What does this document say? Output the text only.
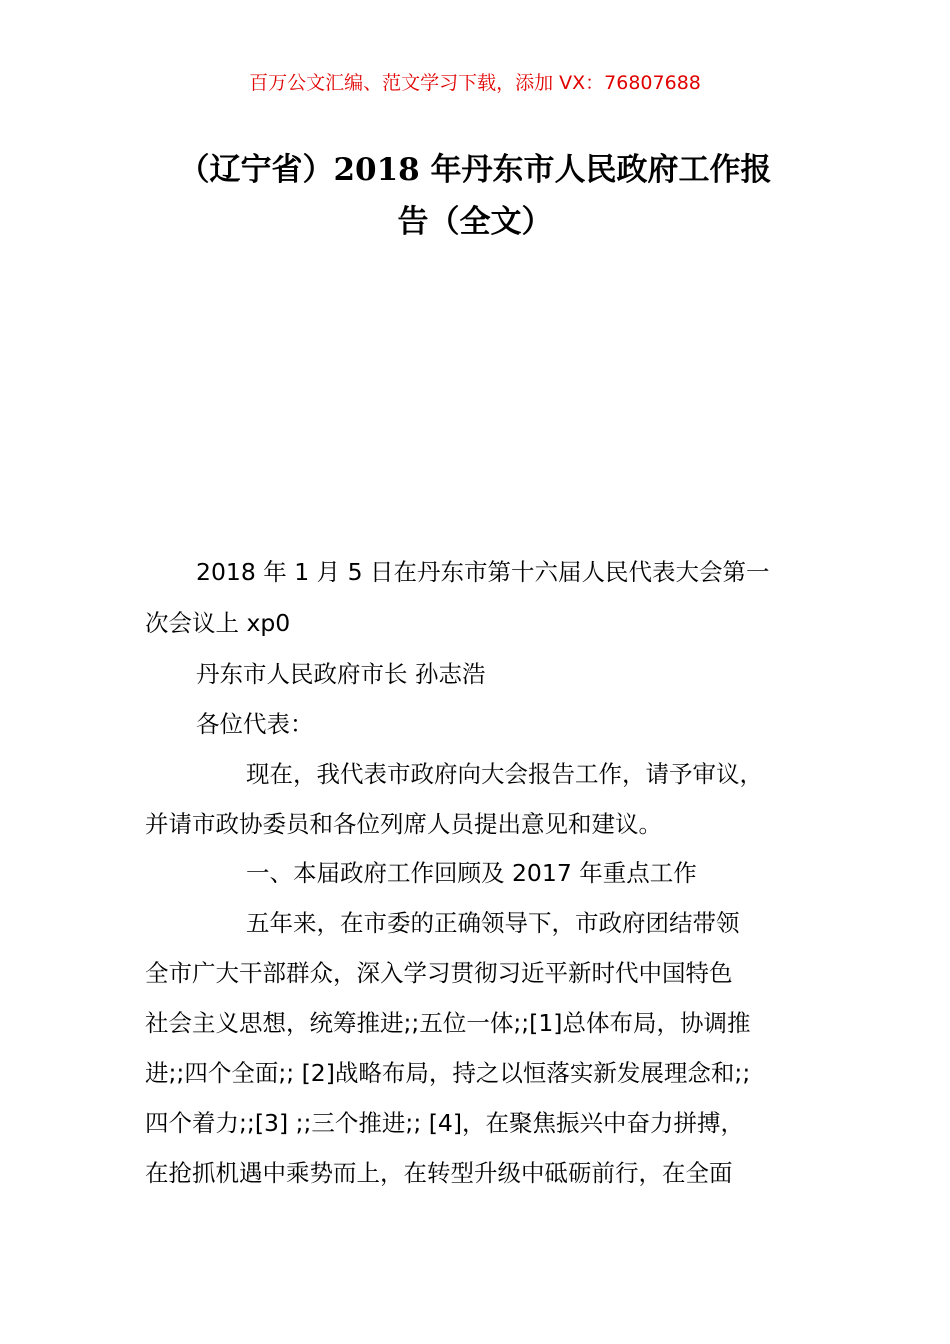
百万公文汇编、范文学习下载，添加 VX：76807688
（辽宁省）2018 年丹东市人民政府工作报
告（全文）
2018 年 1 月 5 日在丹东市第十六届人民代表大会第一
次会议上 xp0
丹东市人民政府市长 孙志浩
各位代表：
现在，我代表市政府向大会报告工作，请予审议，
并请市政协委员和各位列席人员提出意见和建议。
一、本届政府工作回顾及 2017 年重点工作
五年来，在市委的正确领导下，市政府团结带领
全市广大干部群众，深入学习贯彻习近平新时代中国特色
社会主义思想，统筹推进;;五位一体;;[1]总体布局，协调推
进;;四个全面;; [2]战略布局，持之以恒落实新发展理念和;;
四个着力;;[3] ;;三个推进;; [4]，在聚焦振兴中奋力拼搏，
在抢抓机遇中乘势而上，在转型升级中砥砺前行，在全面
